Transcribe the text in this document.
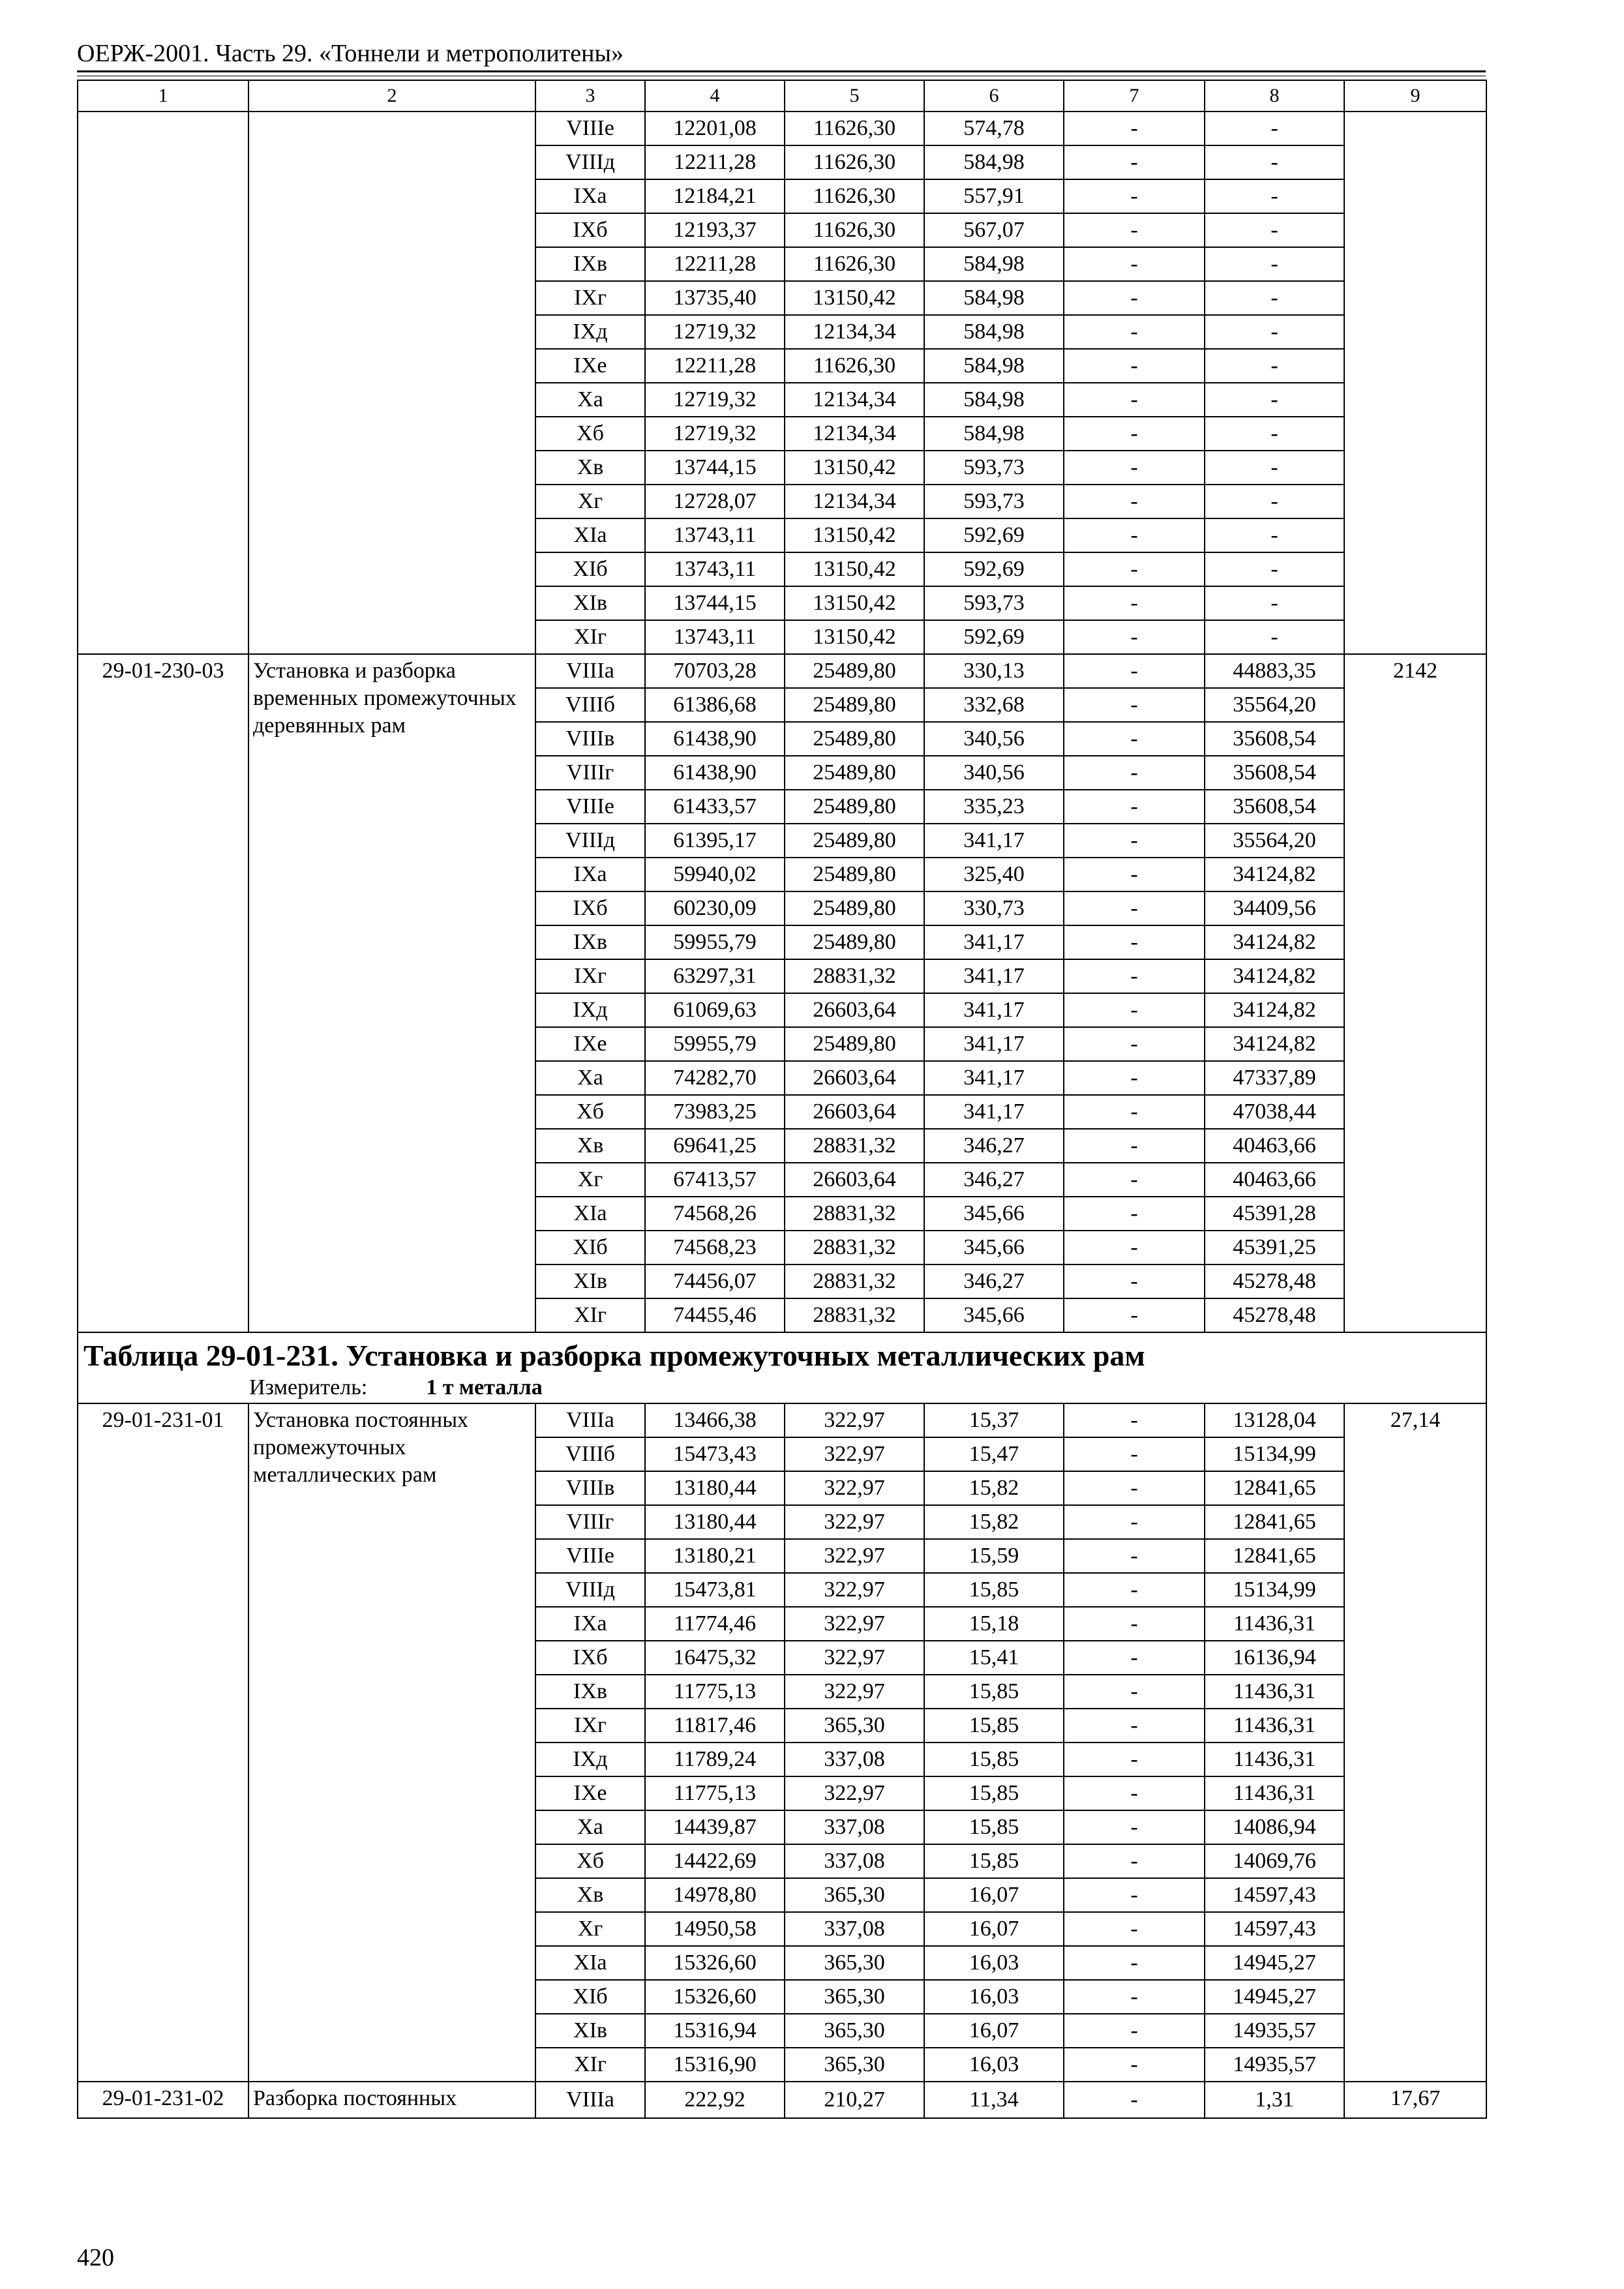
ОЕРЖ-2001. Часть 29. «Тоннели и метрополитены»
1	2	3	4	5	6	7	8	9
		VIIIе	12201,08	11626,30	574,78	-	-	
		VIIIд	12211,28	11626,30	584,98	-	-	
		IXа	12184,21	11626,30	557,91	-	-	
		IXб	12193,37	11626,30	567,07	-	-	
		IXв	12211,28	11626,30	584,98	-	-	
		IXг	13735,40	13150,42	584,98	-	-	
		IXд	12719,32	12134,34	584,98	-	-	
		IXе	12211,28	11626,30	584,98	-	-	
		Xа	12719,32	12134,34	584,98	-	-	
		Xб	12719,32	12134,34	584,98	-	-	
		Xв	13744,15	13150,42	593,73	-	-	
		Xг	12728,07	12134,34	593,73	-	-	
		XIа	13743,11	13150,42	592,69	-	-	
		XIб	13743,11	13150,42	592,69	-	-	
		XIв	13744,15	13150,42	593,73	-	-	
		XIг	13743,11	13150,42	592,69	-	-	
29-01-230-03	Установка и разборка временных промежуточных деревянных рам	VIIIа	70703,28	25489,80	330,13	-	44883,35	2142
		VIIIб	61386,68	25489,80	332,68	-	35564,20	
		VIIIв	61438,90	25489,80	340,56	-	35608,54	
		VIIIг	61438,90	25489,80	340,56	-	35608,54	
		VIIIе	61433,57	25489,80	335,23	-	35608,54	
		VIIIд	61395,17	25489,80	341,17	-	35564,20	
		IXа	59940,02	25489,80	325,40	-	34124,82	
		IXб	60230,09	25489,80	330,73	-	34409,56	
		IXв	59955,79	25489,80	341,17	-	34124,82	
		IXг	63297,31	28831,32	341,17	-	34124,82	
		IXд	61069,63	26603,64	341,17	-	34124,82	
		IXе	59955,79	25489,80	341,17	-	34124,82	
		Xа	74282,70	26603,64	341,17	-	47337,89	
		Xб	73983,25	26603,64	341,17	-	47038,44	
		Xв	69641,25	28831,32	346,27	-	40463,66	
		Xг	67413,57	26603,64	346,27	-	40463,66	
		XIа	74568,26	28831,32	345,66	-	45391,28	
		XIб	74568,23	28831,32	345,66	-	45391,25	
		XIв	74456,07	28831,32	346,27	-	45278,48	
		XIг	74455,46	28831,32	345,66	-	45278,48	

Таблица 29-01-231. Установка и разборка промежуточных металлических рам
Измеритель: 1 т металла								

29-01-231-01	Установка постоянных промежуточных металлических рам	VIIIа	13466,38	322,97	15,37	-	13128,04	27,14
		VIIIб	15473,43	322,97	15,47	-	15134,99	
		VIIIв	13180,44	322,97	15,82	-	12841,65	
		VIIIг	13180,44	322,97	15,82	-	12841,65	
		VIIIе	13180,21	322,97	15,59	-	12841,65	
		VIIIд	15473,81	322,97	15,85	-	15134,99	
		IXа	11774,46	322,97	15,18	-	11436,31	
		IXб	16475,32	322,97	15,41	-	16136,94	
		IXв	11775,13	322,97	15,85	-	11436,31	
		IXг	11817,46	365,30	15,85	-	11436,31	
		IXд	11789,24	337,08	15,85	-	11436,31	
		IXе	11775,13	322,97	15,85	-	11436,31	
		Xа	14439,87	337,08	15,85	-	14086,94	
		Xб	14422,69	337,08	15,85	-	14069,76	
		Xв	14978,80	365,30	16,07	-	14597,43	
		Xг	14950,58	337,08	16,07	-	14597,43	
		XIа	15326,60	365,30	16,03	-	14945,27	
		XIб	15326,60	365,30	16,03	-	14945,27	
		XIв	15316,94	365,30	16,07	-	14935,57	
		XIг	15316,90	365,30	16,03	-	14935,57	
29-01-231-02	Разборка постоянных	VIIIа	222,92	210,27	11,34	-	1,31	17,67
420
